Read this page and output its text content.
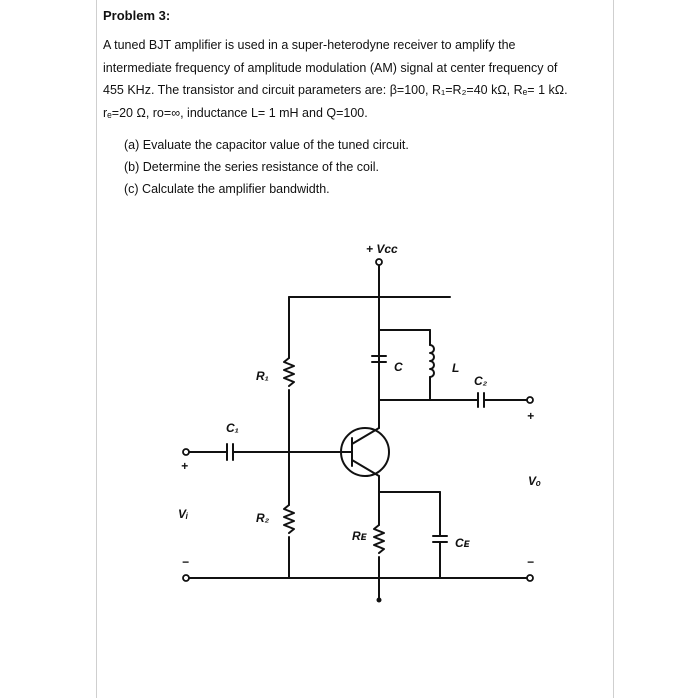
Problem 3:
A tuned BJT amplifier is used in a super-heterodyne receiver to amplify the
intermediate frequency of amplitude modulation (AM) signal at center frequency of
455 KHz. The transistor and circuit parameters are: β=100, R₁=R₂=40 kΩ, Rₑ= 1 kΩ.
rₑ=20 Ω, ro=∞, inductance L= 1 mH and Q=100.
(a) Evaluate the capacitor value of the tuned circuit.
(b) Determine the series resistance of the coil.
(c) Calculate the amplifier bandwidth.
+ Vcc
R₁
R₂
Rᴇ
C	L
C₁
C₂
Cᴇ
Vᵢ
Vₒ
+
−
+
−
